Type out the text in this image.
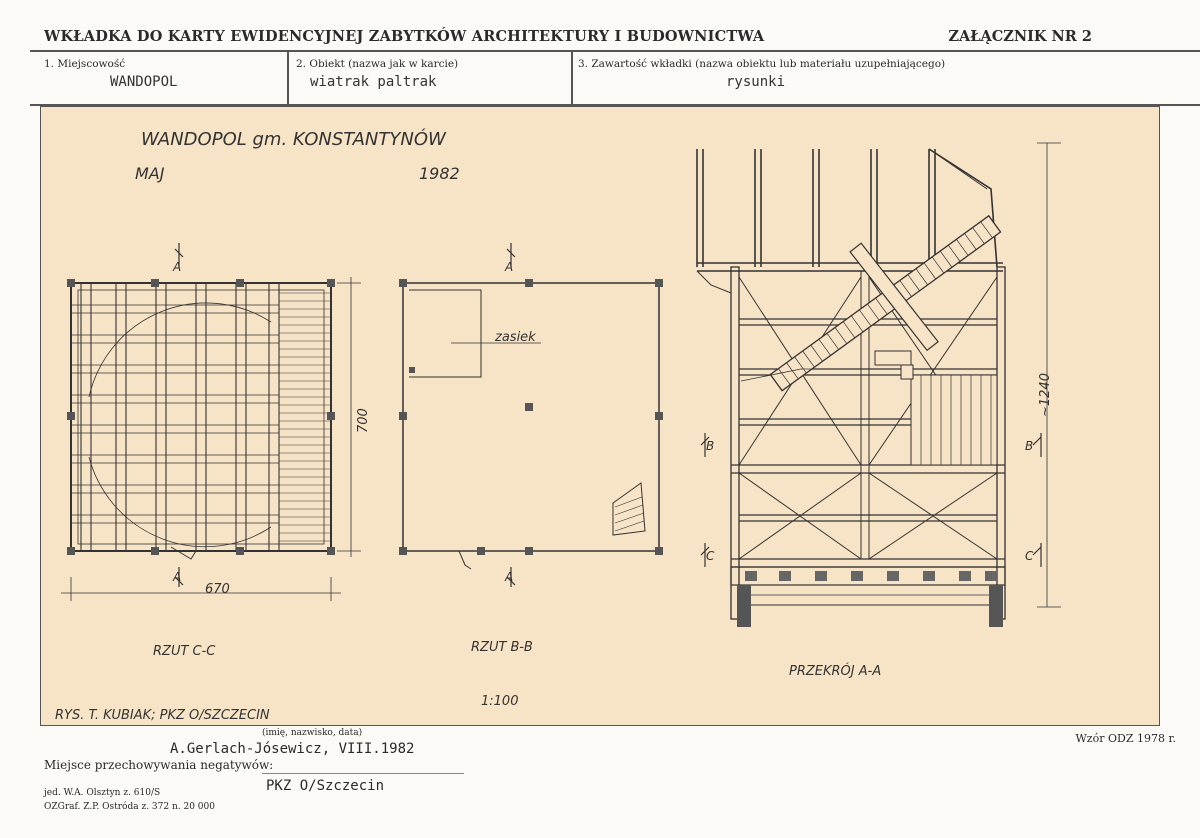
WKŁADKA DO KARTY EWIDENCYJNEJ ZABYTKÓW ARCHITEKTURY I BUDOWNICTWA	ZAŁĄCZNIK NR 2
1. Miejscowość
WANDOPOL
2. Obiekt (nazwa jak w karcie)
wiatrak paltrak
3. Zawartość wkładki (nazwa obiektu lub materiału uzupełniającego)
rysunki
WANDOPOL gm. KONSTANTYNÓW
MAJ	1982
A
A
A
A
B	B
C	C
670
700
~1240
zasiek
RZUT C-C	RZUT B-B
PRZEKRÓJ A-A
1:100
RYS. T. KUBIAK; PKZ O/SZCZECIN
(imię, nazwisko, data)
A.Gerlach-Jósewicz, VIII.1982
Miejsce przechowywania negatywów:
PKZ O/Szczecin
jed. W.A. Olsztyn z. 610/S
OZGraf. Z.P. Ostróda z. 372 n. 20 000
Wzór ODZ 1978 r.
